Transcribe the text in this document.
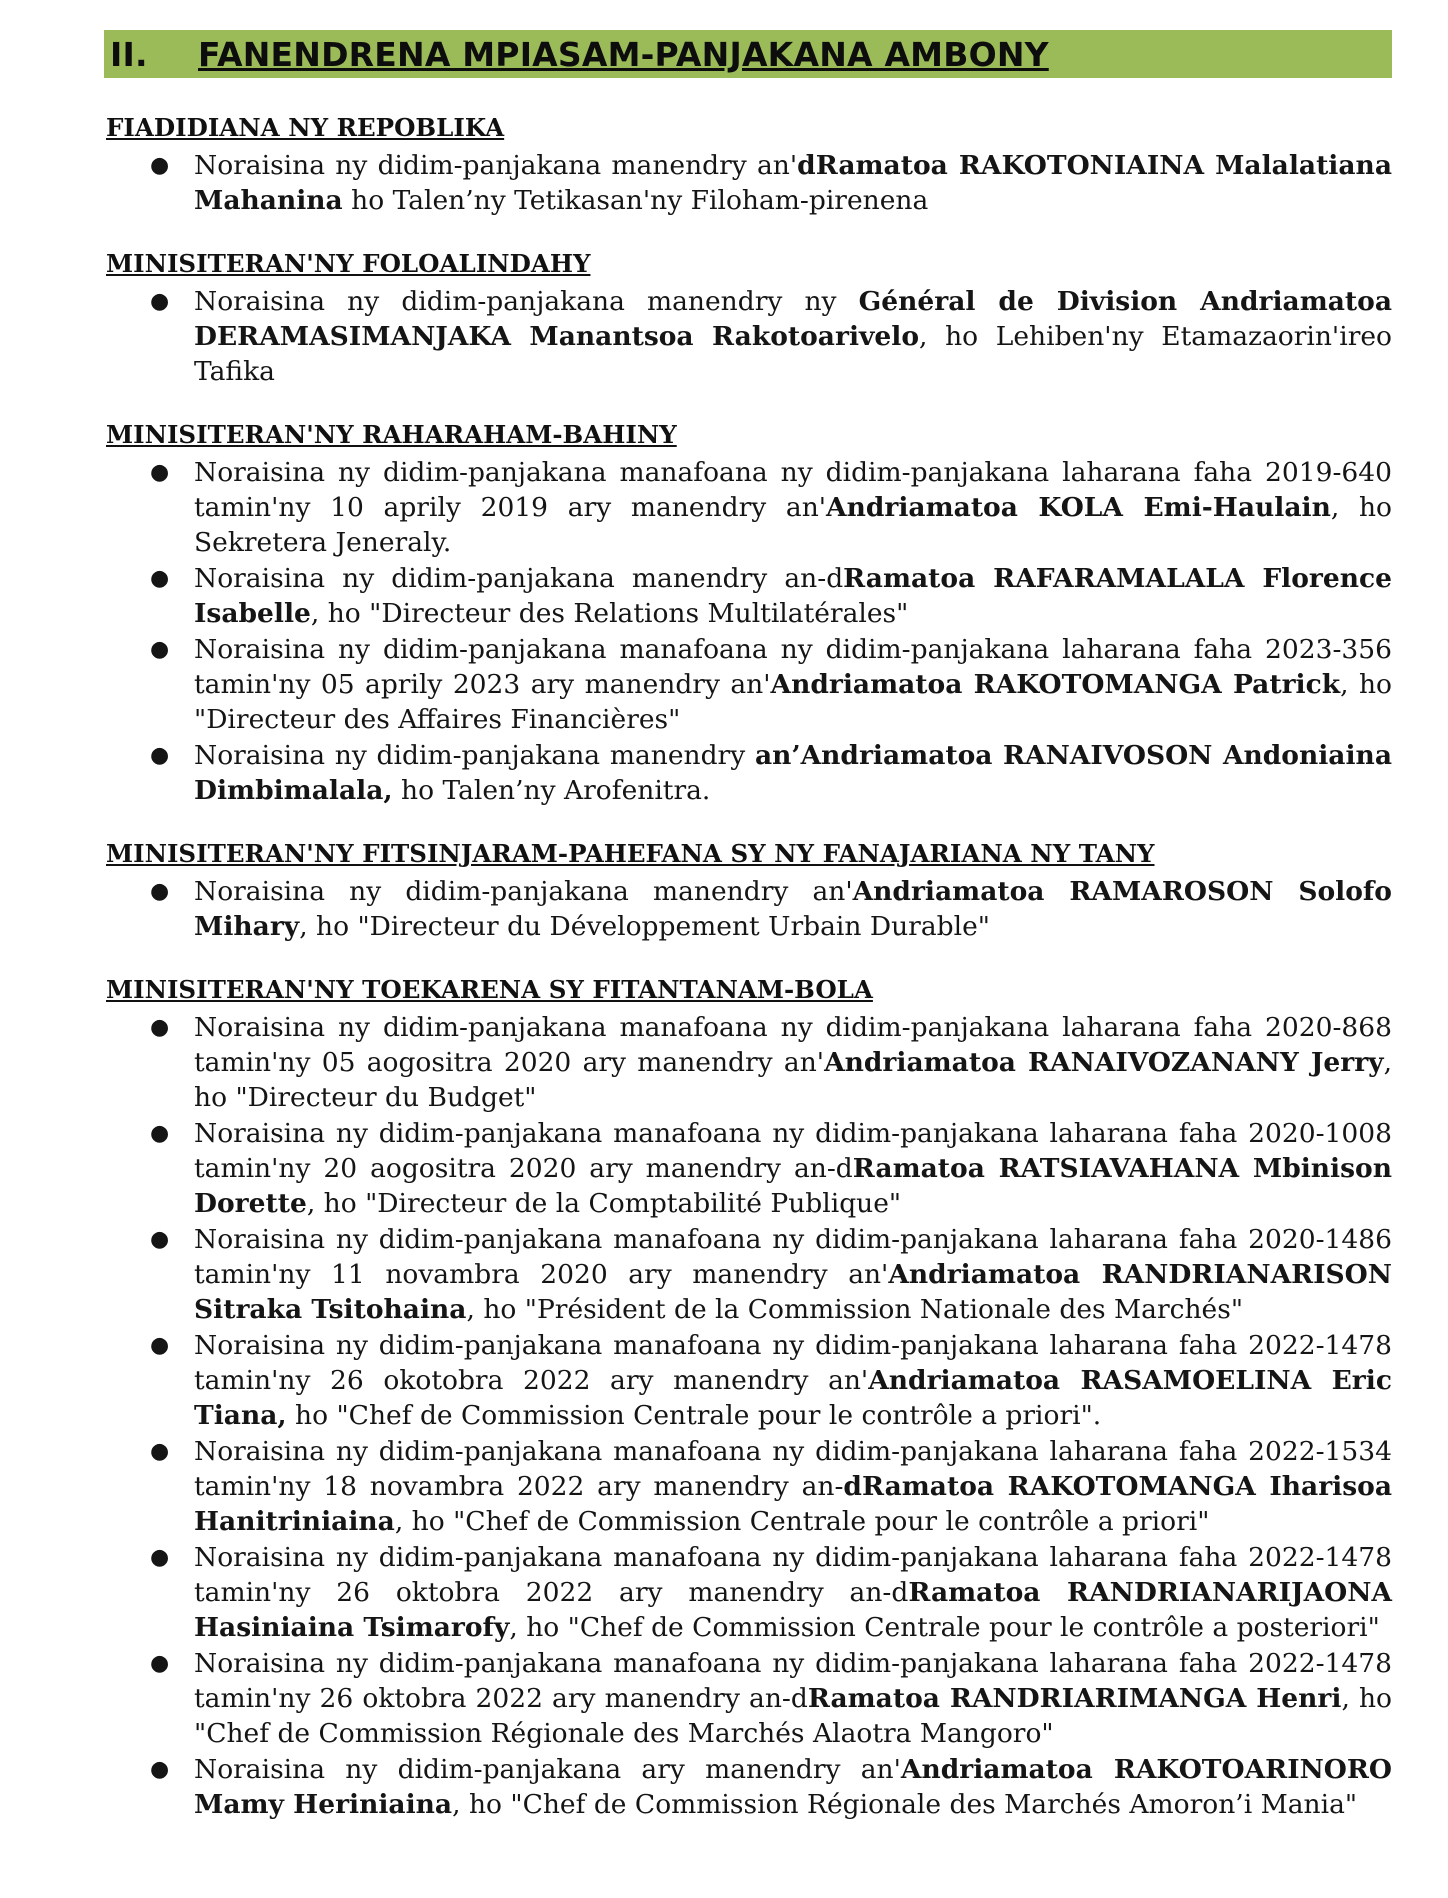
II. FANENDRENA MPIASAM-PANJAKANA AMBONY
FIADIDIANA NY REPOBLIKA
● Noraisina ny didim-panjakana manendry an'dRamatoa RAKOTONIAINA Malalatiana Mahanina ho Talen’ny Tetikasan'ny Filoham-pirenena
MINISITERAN'NY FOLOALINDAHY
● Noraisina ny didim-panjakana manendry ny Général de Division Andriamatoa DERAMASIMANJAKA Manantsoa Rakotoarivelo, ho Lehiben'ny Etamazaorin'ireo Tafika
MINISITERAN'NY RAHARAHAM-BAHINY
● Noraisina ny didim-panjakana manafoana ny didim-panjakana laharana faha 2019-640 tamin'ny 10 aprily 2019 ary manendry an'Andriamatoa KOLA Emi-Haulain, ho Sekretera Jeneraly.
● Noraisina ny didim-panjakana manendry an-dRamatoa RAFARAMALALA Florence Isabelle, ho "Directeur des Relations Multilatérales"
● Noraisina ny didim-panjakana manafoana ny didim-panjakana laharana faha 2023-356 tamin'ny 05 aprily 2023 ary manendry an'Andriamatoa RAKOTOMANGA Patrick, ho "Directeur des Affaires Financières"
● Noraisina ny didim-panjakana manendry an’Andriamatoa RANAIVOSON Andoniaina Dimbimalala, ho Talen’ny Arofenitra.
MINISITERAN'NY FITSINJARAM-PAHEFANA SY NY FANAJARIANA NY TANY
● Noraisina ny didim-panjakana manendry an'Andriamatoa RAMAROSON Solofo Mihary, ho "Directeur du Développement Urbain Durable"
MINISITERAN'NY TOEKARENA SY FITANTANAM-BOLA
● Noraisina ny didim-panjakana manafoana ny didim-panjakana laharana faha 2020-868 tamin'ny 05 aogositra 2020 ary manendry an'Andriamatoa RANAIVOZANANY Jerry, ho "Directeur du Budget"
● Noraisina ny didim-panjakana manafoana ny didim-panjakana laharana faha 2020-1008 tamin'ny 20 aogositra 2020 ary manendry an-dRamatoa RATSIAVAHANA Mbinison Dorette, ho "Directeur de la Comptabilité Publique"
● Noraisina ny didim-panjakana manafoana ny didim-panjakana laharana faha 2020-1486 tamin'ny 11 novambra 2020 ary manendry an'Andriamatoa RANDRIANARISON Sitraka Tsitohaina, ho "Président de la Commission Nationale des Marchés"
● Noraisina ny didim-panjakana manafoana ny didim-panjakana laharana faha 2022-1478 tamin'ny 26 okotobra 2022 ary manendry an'Andriamatoa RASAMOELINA Eric Tiana, ho "Chef de Commission Centrale pour le contrôle a priori".
● Noraisina ny didim-panjakana manafoana ny didim-panjakana laharana faha 2022-1534 tamin'ny 18 novambra 2022 ary manendry an-dRamatoa RAKOTOMANGA Iharisoa Hanitriniaina, ho "Chef de Commission Centrale pour le contrôle a priori"
● Noraisina ny didim-panjakana manafoana ny didim-panjakana laharana faha 2022-1478 tamin'ny 26 oktobra 2022 ary manendry an-dRamatoa RANDRIANARIJAONA Hasiniaina Tsimarofy, ho "Chef de Commission Centrale pour le contrôle a posteriori"
● Noraisina ny didim-panjakana manafoana ny didim-panjakana laharana faha 2022-1478 tamin'ny 26 oktobra 2022 ary manendry an-dRamatoa RANDRIARIMANGA Henri, ho "Chef de Commission Régionale des Marchés Alaotra Mangoro"
● Noraisina ny didim-panjakana ary manendry an'Andriamatoa RAKOTOARINORO Mamy Heriniaina, ho "Chef de Commission Régionale des Marchés Amoron’i Mania"
